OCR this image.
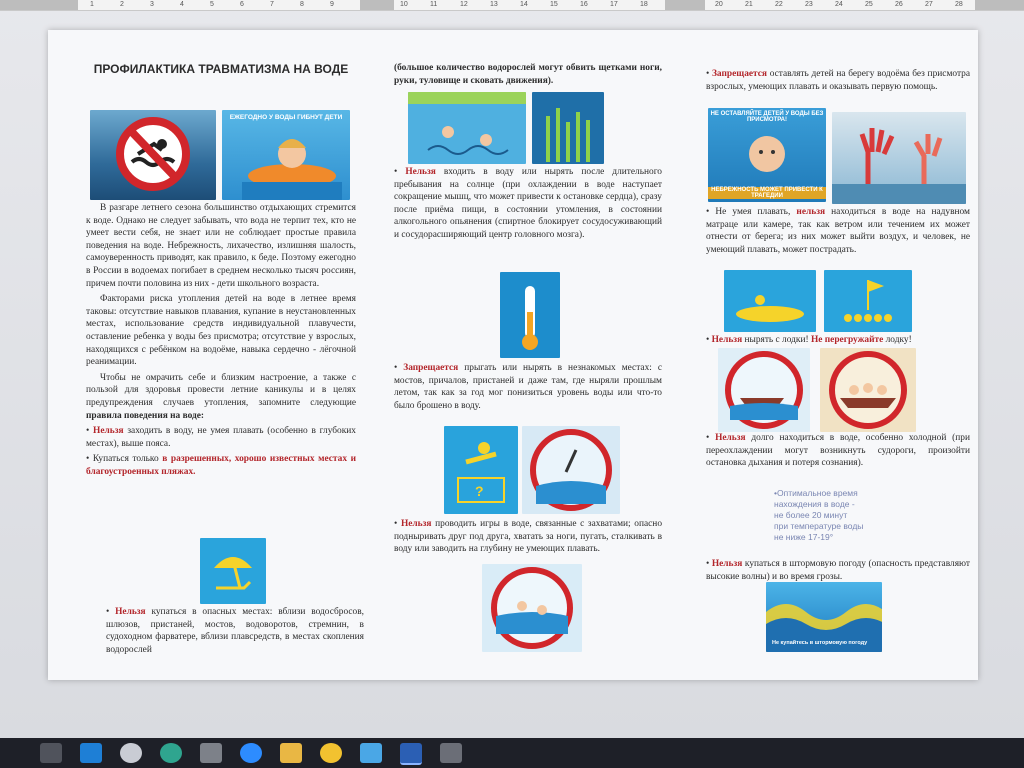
1	2	3	4	5	6	7	8	9	10	11	12	13	14	15	16	17	18	20	21	22	23	24	25	26	27	28

ПРОФИЛАКТИКА ТРАВМАТИЗМА НА ВОДЕ

ЕЖЕГОДНО У ВОДЫ ГИБНУТ ДЕТИ

В разгаре летнего сезона большинство отдыхающих стремится к воде. Однако не следует забывать, что вода не терпит тех, кто не умеет вести себя, не знает или не соблюдает простые правила поведения на воде. Небрежность, лихачество, излишняя шалость, самоуверенность приводят, как правило, к беде. Поэтому ежегодно в России в водоемах погибает в среднем несколько тысяч россиян, причем почти половина из них - дети школьного возраста.

Факторами риска утопления детей на воде в летнее время таковы: отсутствие навыков плавания, купание в неустановленных местах, использование средств индивидуальной плавучести, оставление ребенка у воды без присмотра; отсутствие у взрослых, находящихся с ребёнком на водоёме, навыка сердечно - лёгочной реанимации.

Чтобы не омрачить себе и близким настроение, а также с пользой для здоровья провести летние каникулы и в целях предупреждения случаев утопления, запомните следующие правила поведения на воде:

• Нельзя заходить в воду, не умея плавать (особенно в глубоких местах), выше пояса.

• Купаться только в разрешенных, хорошо известных местах и благоустроенных пляжах.

• Нельзя купаться в опасных местах: вблизи водосбросов, шлюзов, пристаней, мостов, водоворотов, стремнин, в судоходном фарватере, вблизи плавсредств, в местах скопления водорослей

(большое количество водорослей могут обвить щетками ноги, руки, туловище и сковать движения).

• Нельзя входить в воду или нырять после длительного пребывания на солнце (при охлаждении в воде наступает сокращение мышц, что может привести к остановке сердца), сразу после приёма пищи, в состоянии утомления, в состоянии алкогольного опьянения (спиртное блокирует сосудосуживающий и сосудорасширяющий центр головного мозга).

• Запрещается прыгать или нырять в незнакомых местах: с мостов, причалов, пристаней и даже там, где ныряли прошлым летом, так как за год мог понизиться уровень воды или что-то было брошено в воду.

?

• Нельзя проводить игры в воде, связанные с захватами; опасно подныривать друг под друга, хватать за ноги, пугать, сталкивать в воду или заводить на глубину не умеющих плавать.

• Запрещается оставлять детей на берегу водоёма без присмотра взрослых, умеющих плавать и оказывать первую помощь.

НЕ ОСТАВЛЯЙТЕ ДЕТЕЙ У ВОДЫ БЕЗ ПРИСМОТРА!
НЕБРЕЖНОСТЬ МОЖЕТ ПРИВЕСТИ К ТРАГЕДИИ

• Не умея плавать, нельзя находиться в воде на надувном матраце или камере, так как ветром или течением их может отнести от берега; из них может выйти воздух, и человек, не умеющий плавать, может пострадать.

• Нельзя нырять с лодки! Не перегружайте лодку!

• Нельзя долго находиться в воде, особенно холодной (при переохлаждении могут возникнуть судороги, произойти остановка дыхания и потеря сознания).

•Оптимальное время
нахождения в воде -
не более 20 минут
при температуре воды
не ниже 17-19°

• Нельзя купаться в штормовую погоду (опасность представляют высокие волны) и во время грозы.

Не купайтесь в штормовую погоду
